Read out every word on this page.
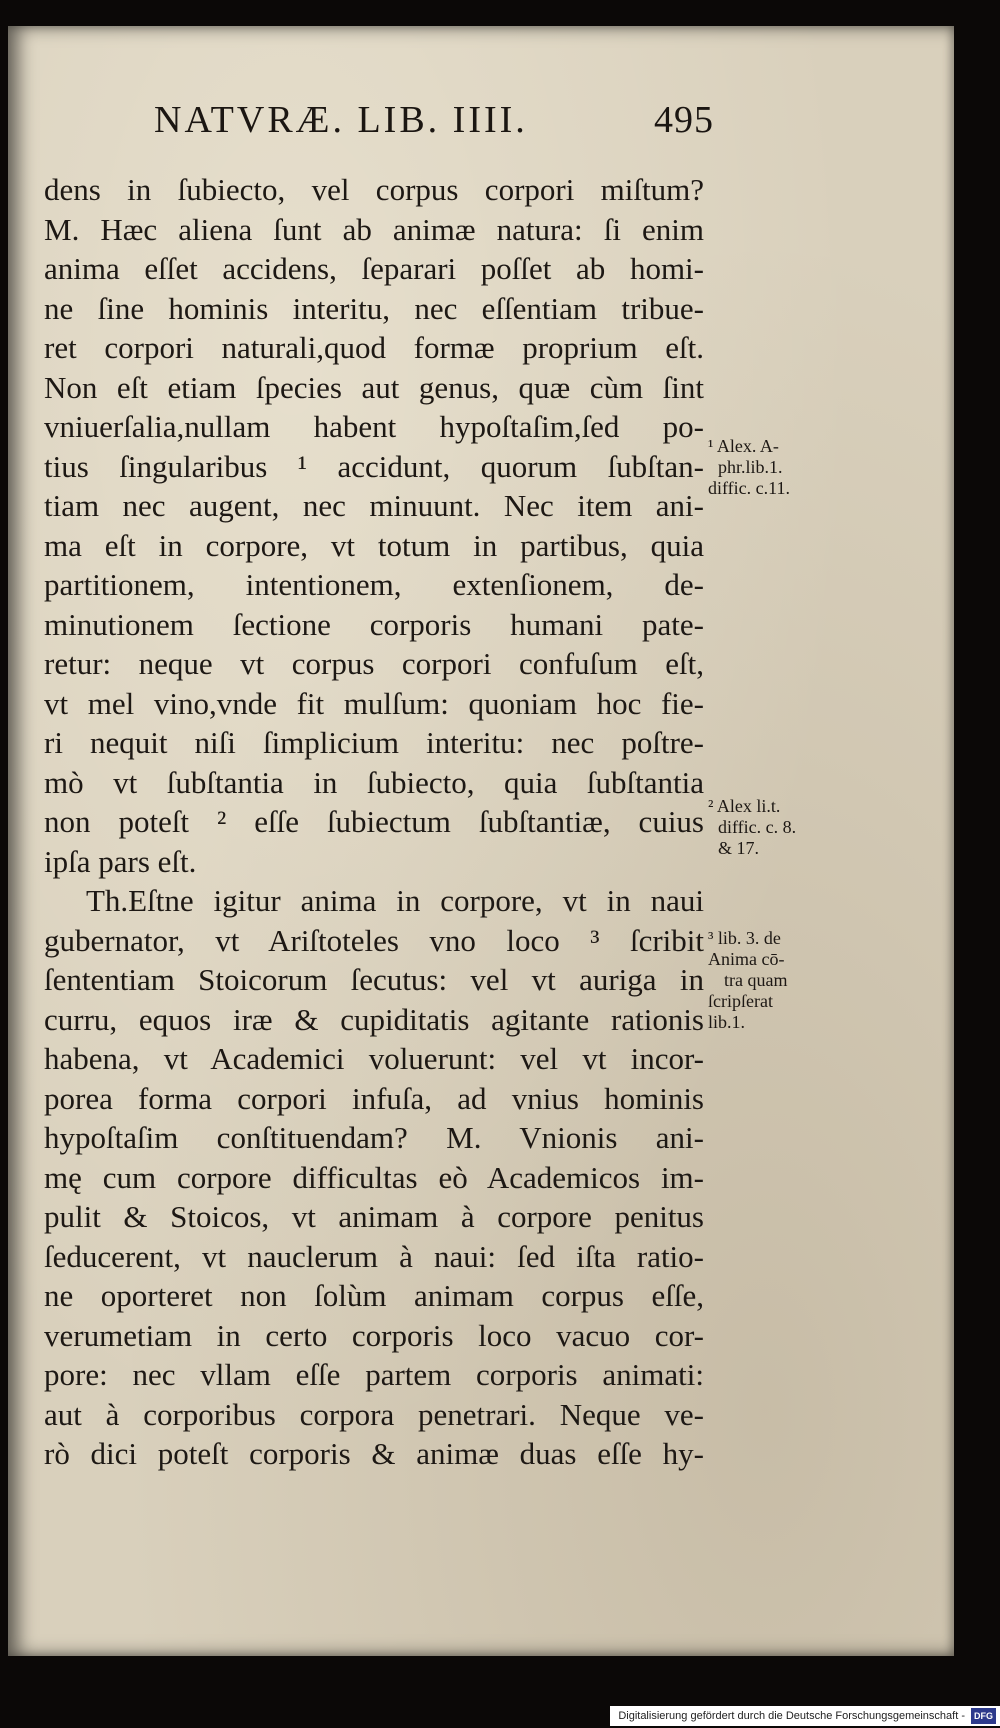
NATVRÆ. LIB. IIII.	495
dens in ſubiecto, vel corpus corpori miſtum?
M. Hæc aliena ſunt ab animæ natura: ſi enim
anima eſſet accidens, ſeparari poſſet ab homi-
ne ſine hominis interitu, nec eſſentiam tribue-
ret corpori naturali,quod formæ proprium eſt.
Non eſt etiam ſpecies aut genus, quæ cùm ſint
vniuerſalia,nullam habent hypoſtaſim,ſed po-
tius ſingularibus ¹ accidunt, quorum ſubſtan-
tiam nec augent, nec minuunt. Nec item ani-
ma eſt in corpore, vt totum in partibus, quia
partitionem, intentionem, extenſionem, de-
minutionem ſectione corporis humani pate-
retur: neque vt corpus corpori confuſum eſt,
vt mel vino,vnde fit mulſum: quoniam hoc fie-
ri nequit niſi ſimplicium interitu: nec poſtre-
mò vt ſubſtantia in ſubiecto, quia ſubſtantia
non poteſt ² eſſe ſubiectum ſubſtantiæ, cuius
ipſa pars eſt.
Th.Eſtne igitur anima in corpore, vt in naui
gubernator, vt Ariſtoteles vno loco ³ ſcribit
ſententiam Stoicorum ſecutus: vel vt auriga in
curru, equos iræ & cupiditatis agitante rationis
habena, vt Academici voluerunt: vel vt incor-
porea forma corpori infuſa, ad vnius hominis
hypoſtaſim conſtituendam? M. Vnionis ani-
mę cum corpore difficultas eò Academicos im-
pulit & Stoicos, vt animam à corpore penitus
ſeducerent, vt nauclerum à naui: ſed iſta ratio-
ne oporteret non ſolùm animam corpus eſſe,
verumetiam in certo corporis loco vacuo cor-
pore: nec vllam eſſe partem corporis animati:
aut à corporibus corpora penetrari. Neque ve-
rò dici poteſt corporis & animæ duas eſſe hy-
¹ Alex. A-
phr.lib.1.
diffic. c.11.
² Alex li.t.
diffic. c. 8.
& 17.
³ lib. 3. de
Anima cō-
tra quam
ſcripſerat
lib.1.
Digitalisierung gefördert durch die Deutsche Forschungsgemeinschaft -	DFG
